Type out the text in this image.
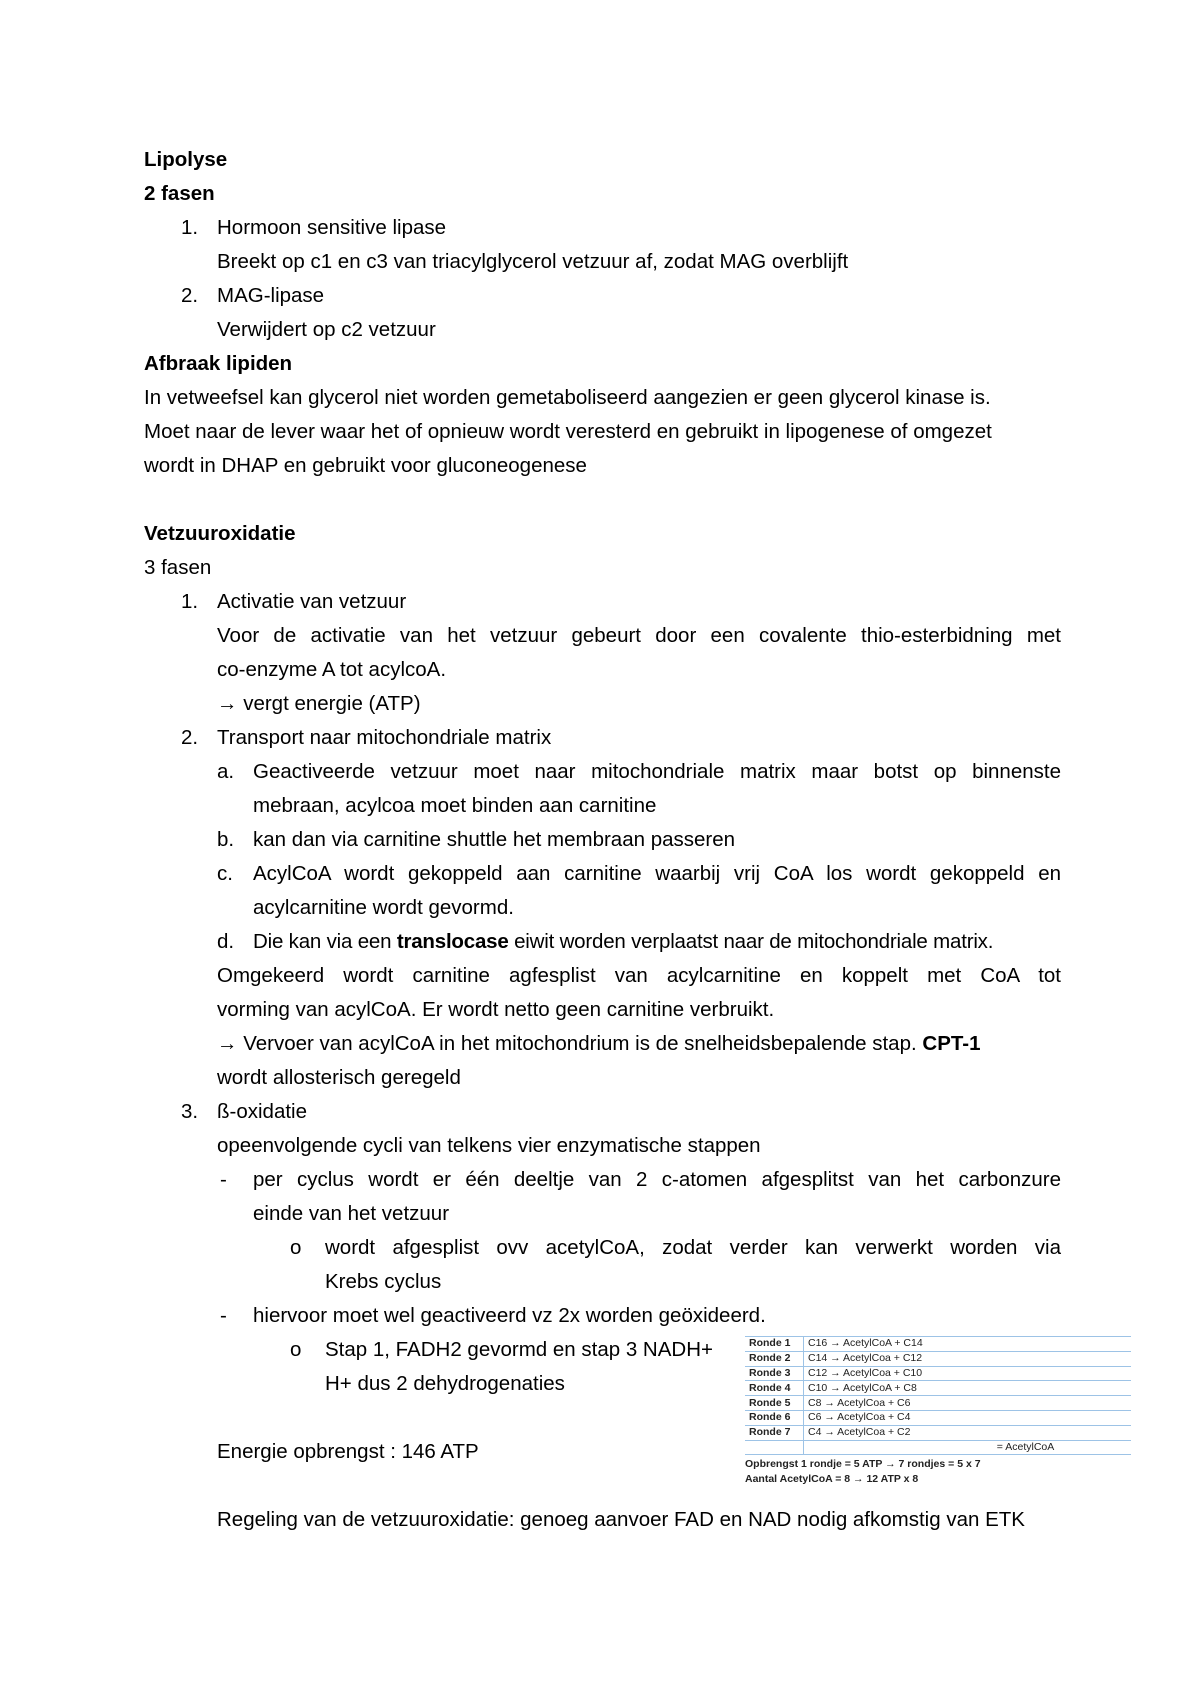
Lipolyse
2 fasen
1. Hormoon sensitive lipase
Breekt op c1 en c3 van triacylglycerol vetzuur af, zodat MAG overblijft
2. MAG-lipase
Verwijdert op c2 vetzuur
Afbraak lipiden
In vetweefsel kan glycerol niet worden gemetaboliseerd aangezien er geen glycerol kinase is.
Moet naar de lever waar het of opnieuw wordt veresterd en gebruikt in lipogenese of omgezet
wordt in DHAP en gebruikt voor gluconeogenese
Vetzuuroxidatie
3 fasen
1. Activatie van vetzuur
Voor de activatie van het vetzuur gebeurt door een covalente thio-esterbidning met
co-enzyme A tot acylcoA.
→ vergt energie (ATP)
2. Transport naar mitochondriale matrix
a. Geactiveerde vetzuur moet naar mitochondriale matrix maar botst op binnenste
mebraan, acylcoa moet binden aan carnitine
b. kan dan via carnitine shuttle het membraan passeren
c. AcylCoA wordt gekoppeld aan carnitine waarbij vrij CoA los wordt gekoppeld en
acylcarnitine wordt gevormd.
d. Die kan via een translocase eiwit worden verplaatst naar de mitochondriale matrix.
Omgekeerd wordt carnitine agfesplist van acylcarnitine en koppelt met CoA tot
vorming van acylCoA. Er wordt netto geen carnitine verbruikt.
→ Vervoer van acylCoA in het mitochondrium is de snelheidsbepalende stap. CPT-1
wordt allosterisch geregeld
3. ß-oxidatie
opeenvolgende cycli van telkens vier enzymatische stappen
- per cyclus wordt er één deeltje van 2 c-atomen afgesplitst van het carbonzure
einde van het vetzuur
o wordt afgesplist ovv acetylCoA, zodat verder kan verwerkt worden via
Krebs cyclus
- hiervoor moet wel geactiveerd vz 2x worden geöxideerd.
o Stap 1, FADH2 gevormd en stap 3 NADH+
H+ dus 2 dehydrogenaties
Energie opbrengst : 146 ATP
Regeling van de vetzuuroxidatie: genoeg aanvoer FAD en NAD nodig afkomstig van ETK
Ronde 1	C16 → AcetylCoA + C14
Ronde 2	C14 → AcetylCoa + C12
Ronde 3	C12 → AcetylCoa + C10
Ronde 4	C10 → AcetylCoA + C8
Ronde 5	C8 → AcetylCoa + C6
Ronde 6	C6 → AcetylCoa + C4
Ronde 7	C4 → AcetylCoa + C2
	= AcetylCoA
Opbrengst 1 rondje = 5 ATP → 7 rondjes = 5 x 7
Aantal AcetylCoA = 8 → 12 ATP x 8
